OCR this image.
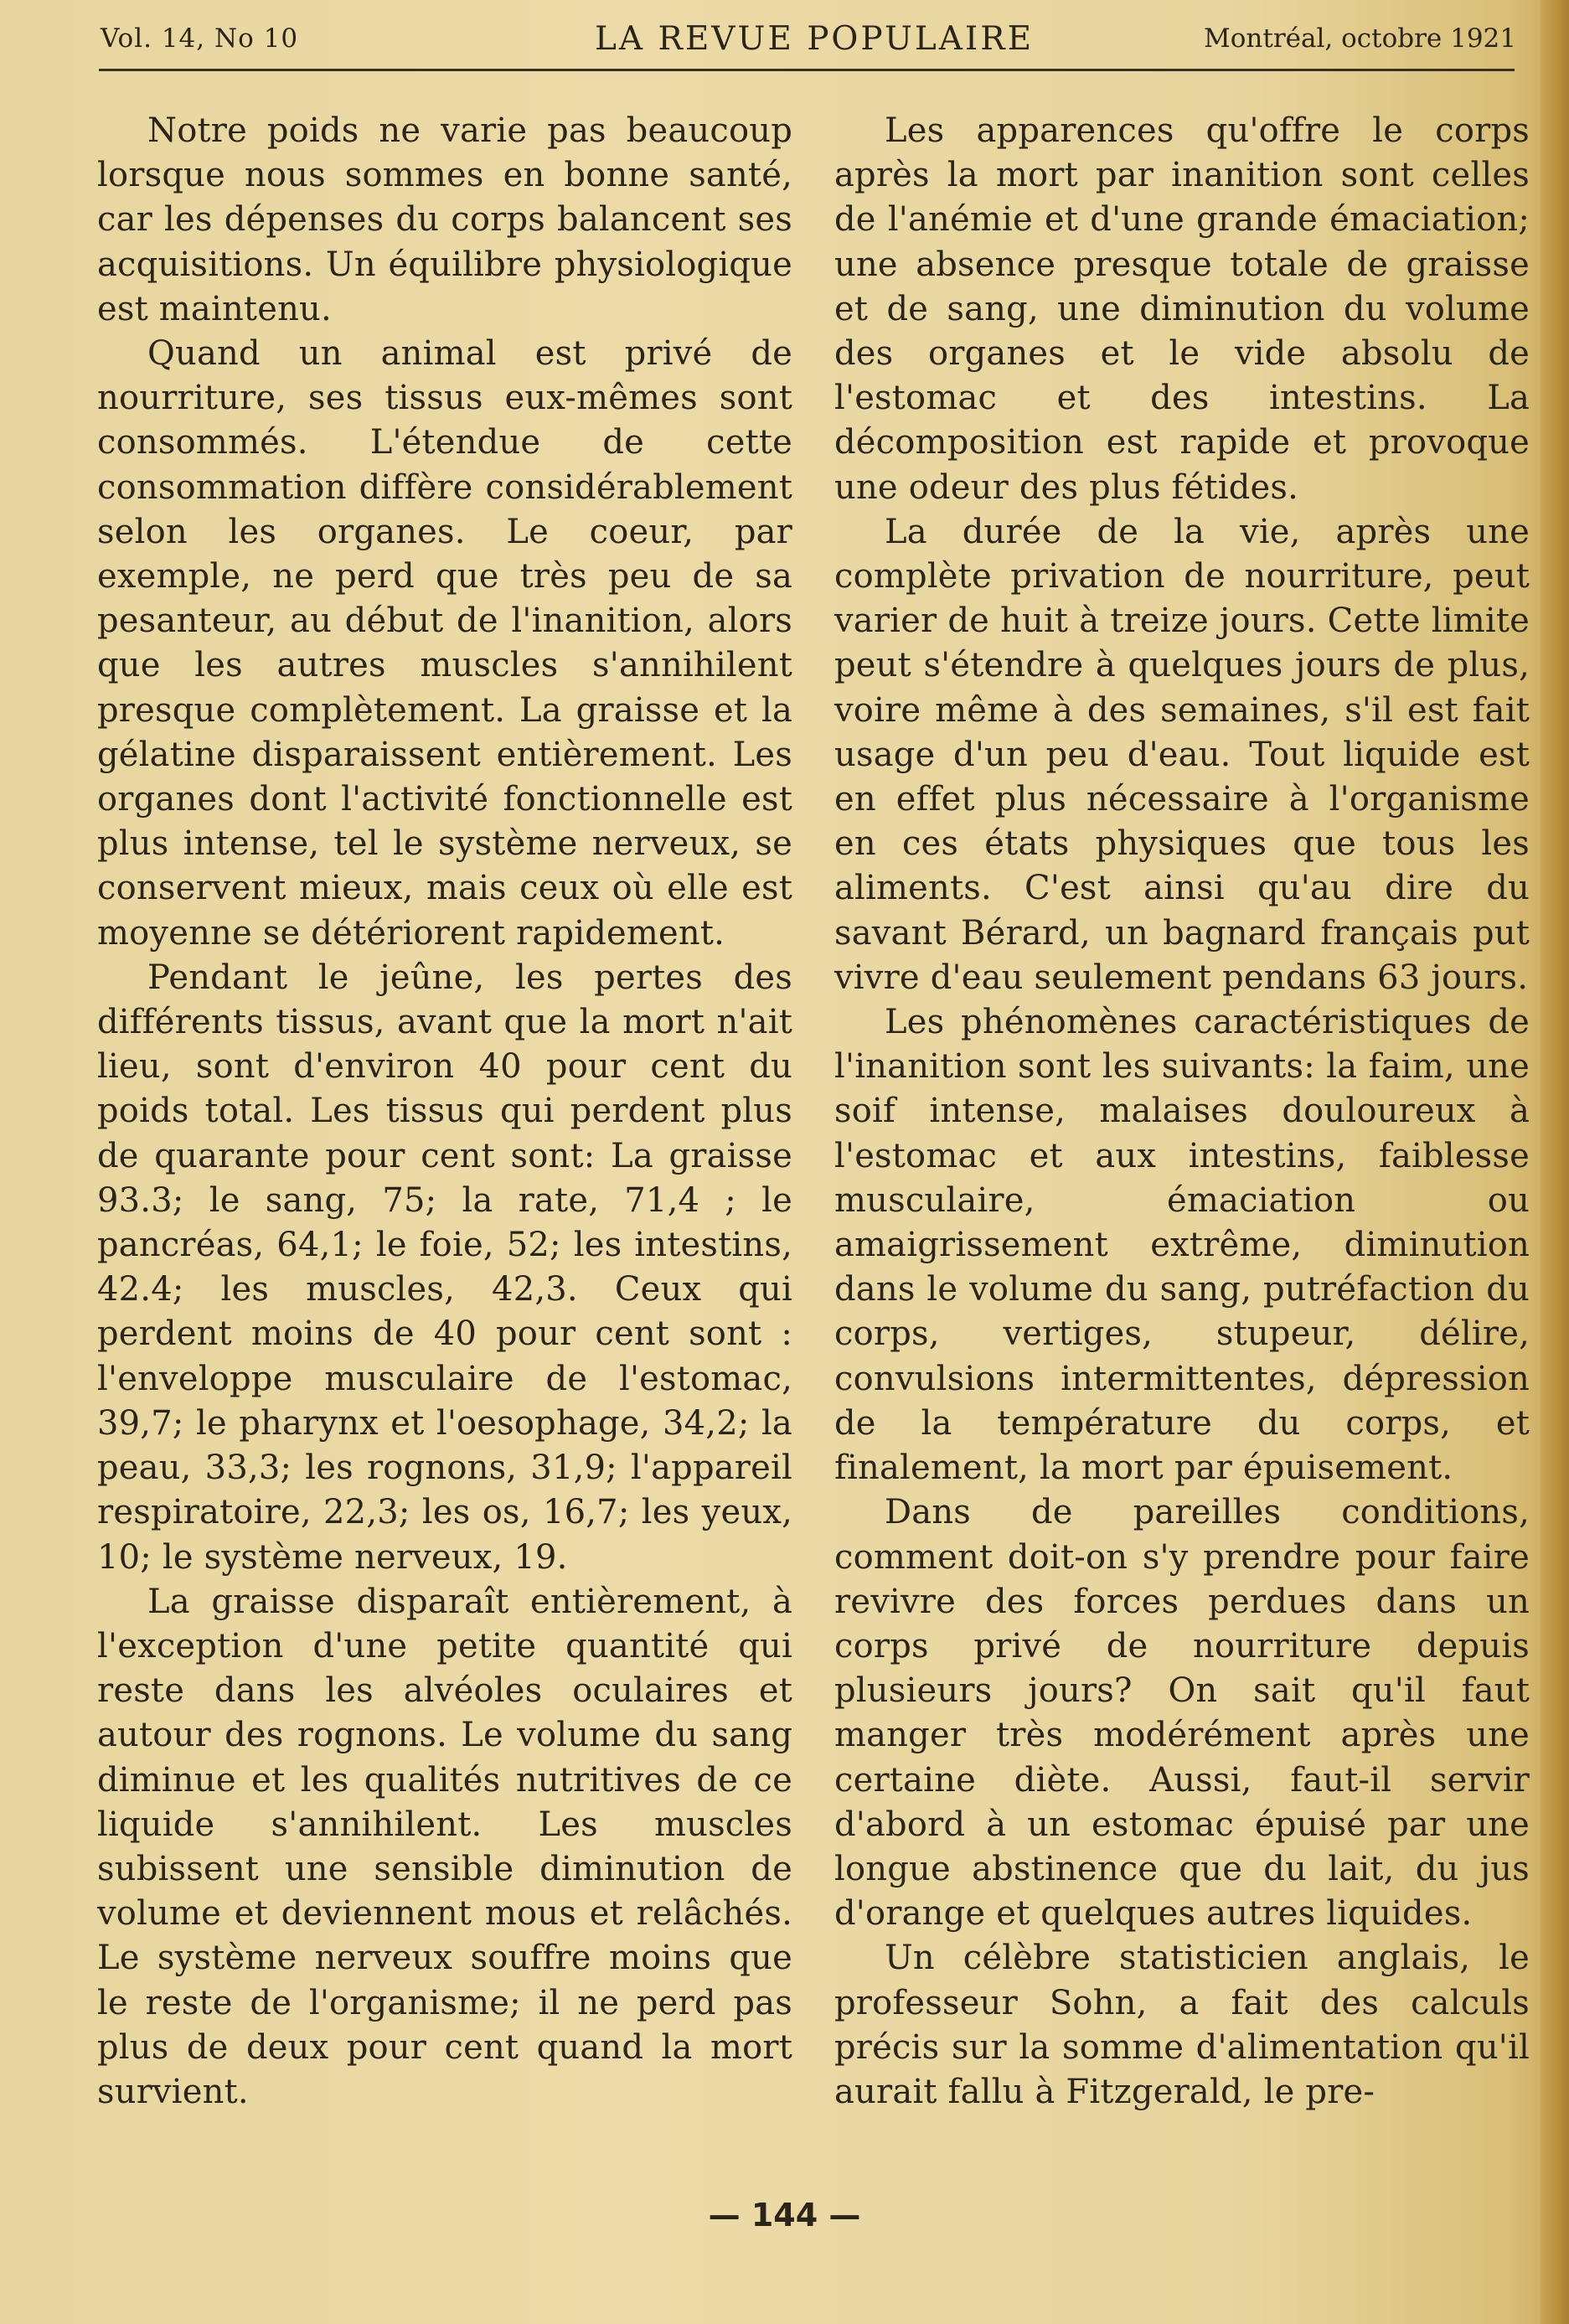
Vol. 14, No 10	LA REVUE POPULAIRE	Montréal, octobre 1921

Notre poids ne varie pas beaucoup lorsque nous sommes en bonne santé, car les dépenses du corps balancent ses acquisitions. Un équilibre physiologique est maintenu.

Quand un animal est privé de nourriture, ses tissus eux-mêmes sont consommés. L'étendue de cette consommation diffère considérablement selon les organes. Le coeur, par exemple, ne perd que très peu de sa pesanteur, au début de l'inanition, alors que les autres muscles s'annihilent presque complètement. La graisse et la gélatine disparaissent entièrement. Les organes dont l'activité fonctionnelle est plus intense, tel le système nerveux, se conservent mieux, mais ceux où elle est moyenne se détériorent rapidement.

Pendant le jeûne, les pertes des différents tissus, avant que la mort n'ait lieu, sont d'environ 40 pour cent du poids total. Les tissus qui perdent plus de quarante pour cent sont: La graisse 93.3; le sang, 75; la rate, 71,4 ; le pancréas, 64,1; le foie, 52; les intestins, 42.4; les muscles, 42,3. Ceux qui perdent moins de 40 pour cent sont : l'enveloppe musculaire de l'estomac, 39,7; le pharynx et l'oesophage, 34,2; la peau, 33,3; les rognons, 31,9; l'appareil respiratoire, 22,3; les os, 16,7; les yeux, 10; le système nerveux, 19.

La graisse disparaît entièrement, à l'exception d'une petite quantité qui reste dans les alvéoles oculaires et autour des rognons. Le volume du sang diminue et les qualités nutritives de ce liquide s'annihilent. Les muscles subissent une sensible diminution de volume et deviennent mous et relâchés. Le système nerveux souffre moins que le reste de l'organisme; il ne perd pas plus de deux pour cent quand la mort survient.

Les apparences qu'offre le corps après la mort par inanition sont celles de l'anémie et d'une grande émaciation; une absence presque totale de graisse et de sang, une diminution du volume des organes et le vide absolu de l'estomac et des intestins. La décomposition est rapide et provoque une odeur des plus fétides.

La durée de la vie, après une complète privation de nourriture, peut varier de huit à treize jours. Cette limite peut s'étendre à quelques jours de plus, voire même à des semaines, s'il est fait usage d'un peu d'eau. Tout liquide est en effet plus nécessaire à l'organisme en ces états physiques que tous les aliments. C'est ainsi qu'au dire du savant Bérard, un bagnard français put vivre d'eau seulement pendans 63 jours.

Les phénomènes caractéristiques de l'inanition sont les suivants: la faim, une soif intense, malaises douloureux à l'estomac et aux intestins, faiblesse musculaire, émaciation ou amaigrissement extrême, diminution dans le volume du sang, putréfaction du corps, vertiges, stupeur, délire, convulsions intermittentes, dépression de la température du corps, et finalement, la mort par épuisement.

Dans de pareilles conditions, comment doit-on s'y prendre pour faire revivre des forces perdues dans un corps privé de nourriture depuis plusieurs jours? On sait qu'il faut manger très modérément après une certaine diète. Aussi, faut-il servir d'abord à un estomac épuisé par une longue abstinence que du lait, du jus d'orange et quelques autres liquides.

Un célèbre statisticien anglais, le professeur Sohn, a fait des calculs précis sur la somme d'alimentation qu'il aurait fallu à Fitzgerald, le pre-

— 144 —
